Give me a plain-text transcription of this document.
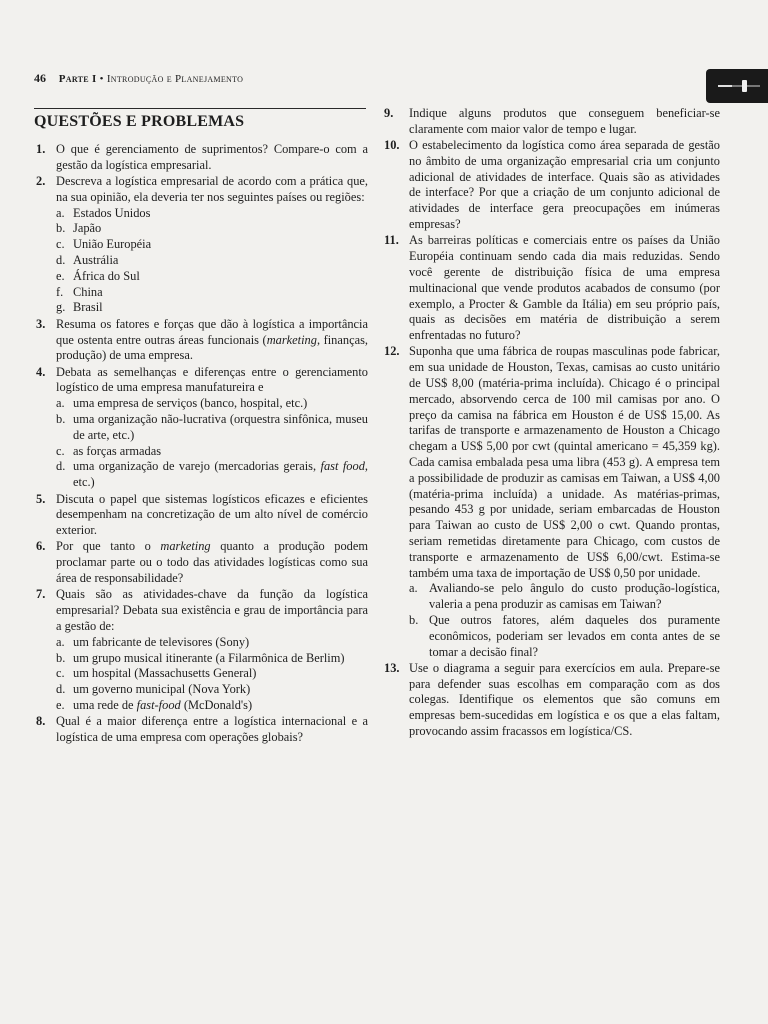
46 Parte I • Introdução e Planejamento
QUESTÕES E PROBLEMAS
1. O que é gerenciamento de suprimentos? Compare-o com a gestão da logística empresarial.
2. Descreva a logística empresarial de acordo com a prática que, na sua opinião, ela deveria ter nos seguintes países ou regiões:
a. Estados Unidos
b. Japão
c. União Européia
d. Austrália
e. África do Sul
f. China
g. Brasil
3. Resuma os fatores e forças que dão à logística a importância que ostenta entre outras áreas funcionais (marketing, finanças, produção) de uma empresa.
4. Debata as semelhanças e diferenças entre o gerenciamento logístico de uma empresa manufatureira e
a. uma empresa de serviços (banco, hospital, etc.)
b. uma organização não-lucrativa (orquestra sinfônica, museu de arte, etc.)
c. as forças armadas
d. uma organização de varejo (mercadorias gerais, fast food, etc.)
5. Discuta o papel que sistemas logísticos eficazes e eficientes desempenham na concretização de um alto nível de comércio exterior.
6. Por que tanto o marketing quanto a produção podem proclamar parte ou o todo das atividades logísticas como sua área de responsabilidade?
7. Quais são as atividades-chave da função da logística empresarial? Debata sua existência e grau de importância para a gestão de:
a. um fabricante de televisores (Sony)
b. um grupo musical itinerante (a Filarmônica de Berlim)
c. um hospital (Massachusetts General)
d. um governo municipal (Nova York)
e. uma rede de fast-food (McDonald's)
8. Qual é a maior diferença entre a logística internacional e a logística de uma empresa com operações globais?
9. Indique alguns produtos que conseguem beneficiar-se claramente com maior valor de tempo e lugar.
10. O estabelecimento da logística como área separada de gestão no âmbito de uma organização empresarial cria um conjunto adicional de atividades de interface. Quais são as atividades de interface? Por que a criação de um conjunto adicional de atividades de interface gera preocupações em inúmeras empresas?
11. As barreiras políticas e comerciais entre os países da União Européia continuam sendo cada dia mais reduzidas. Sendo você gerente de distribuição física de uma empresa multinacional que vende produtos acabados de consumo (por exemplo, a Procter & Gamble da Itália) em seu próprio país, quais as decisões em matéria de distribuição a serem enfrentadas no futuro?
12. Suponha que uma fábrica de roupas masculinas pode fabricar, em sua unidade de Houston, Texas, camisas ao custo unitário de US$ 8,00 (matéria-prima incluída). Chicago é o principal mercado, absorvendo cerca de 100 mil camisas por ano. O preço da camisa na fábrica em Houston é de US$ 15,00. As tarifas de transporte e armazenamento de Houston a Chicago chegam a US$ 5,00 por cwt (quintal americano = 45,359 kg). Cada camisa embalada pesa uma libra (453 g). A empresa tem a possibilidade de produzir as camisas em Taiwan, a US$ 4,00 (matéria-prima incluída) a unidade. As matérias-primas, pesando 453 g por unidade, seriam embarcadas de Houston para Taiwan ao custo de US$ 2,00 o cwt. Quando prontas, seriam remetidas diretamente para Chicago, com custos de transporte e armazenamento de US$ 6,00/cwt. Estima-se também uma taxa de importação de US$ 0,50 por unidade.
a. Avaliando-se pelo ângulo do custo produção-logística, valeria a pena produzir as camisas em Taiwan?
b. Que outros fatores, além daqueles dos puramente econômicos, poderiam ser levados em conta antes de se tomar a decisão final?
13. Use o diagrama a seguir para exercícios em aula. Prepare-se para defender suas escolhas em comparação com as dos colegas. Identifique os elementos que são comuns em empresas bem-sucedidas em logística e os que a elas faltam, provocando assim fracassos em logística/CS.
